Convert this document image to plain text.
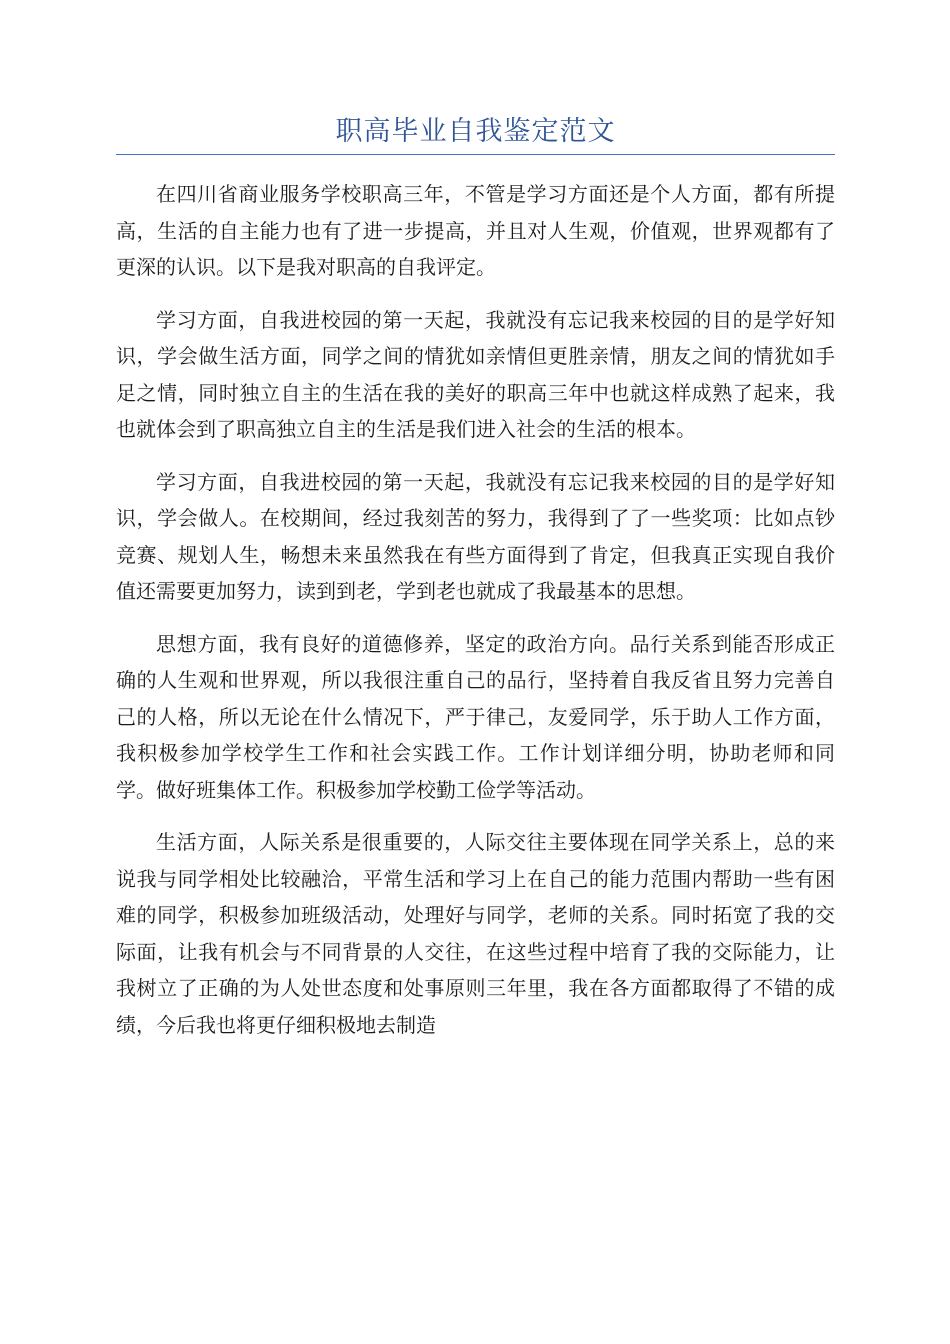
职高毕业自我鉴定范文

在四川省商业服务学校职高三年，不管是学习方面还是个人方面，都有所提高，生活的自主能力也有了进一步提高，并且对人生观，价值观，世界观都有了更深的认识。以下是我对职高的自我评定。

学习方面，自我进校园的第一天起，我就没有忘记我来校园的目的是学好知识，学会做生活方面，同学之间的情犹如亲情但更胜亲情，朋友之间的情犹如手足之情，同时独立自主的生活在我的美好的职高三年中也就这样成熟了起来，我也就体会到了职高独立自主的生活是我们进入社会的生活的根本。

学习方面，自我进校园的第一天起，我就没有忘记我来校园的目的是学好知识，学会做人。在校期间，经过我刻苦的努力，我得到了了一些奖项：比如点钞竞赛、规划人生，畅想未来虽然我在有些方面得到了肯定，但我真正实现自我价值还需要更加努力，读到到老，学到老也就成了我最基本的思想。

思想方面，我有良好的道德修养，坚定的政治方向。品行关系到能否形成正确的人生观和世界观，所以我很注重自己的品行，坚持着自我反省且努力完善自己的人格，所以无论在什么情况下，严于律己，友爱同学，乐于助人工作方面，我积极参加学校学生工作和社会实践工作。工作计划详细分明，协助老师和同学。做好班集体工作。积极参加学校勤工俭学等活动。

生活方面，人际关系是很重要的，人际交往主要体现在同学关系上，总的来说我与同学相处比较融洽，平常生活和学习上在自己的能力范围内帮助一些有困难的同学，积极参加班级活动，处理好与同学，老师的关系。同时拓宽了我的交际面，让我有机会与不同背景的人交往，在这些过程中培育了我的交际能力，让我树立了正确的为人处世态度和处事原则三年里，我在各方面都取得了不错的成绩，今后我也将更仔细积极地去制造
